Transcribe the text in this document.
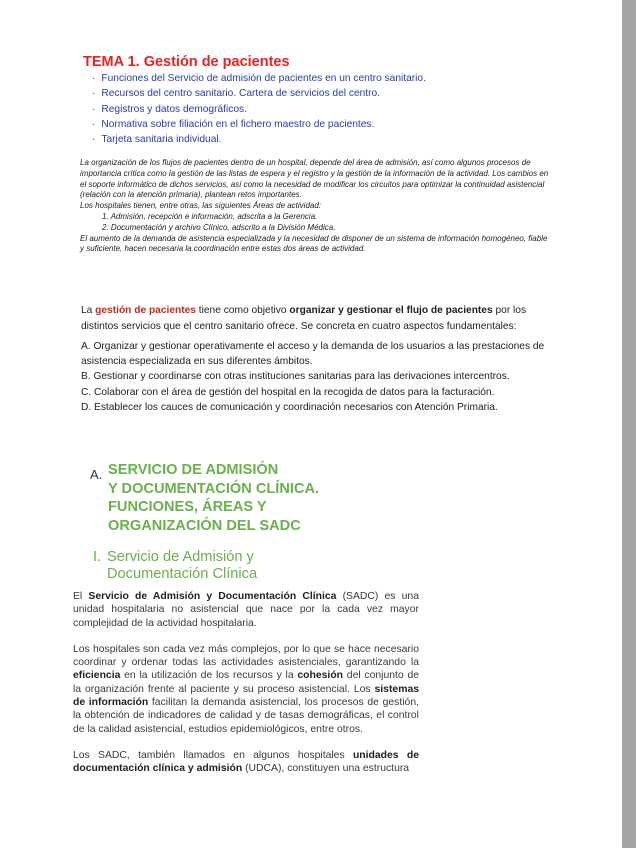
TEMA 1. Gestión de pacientes
· Funciones del Servicio de admisión de pacientes en un centro sanitario.
· Recursos del centro sanitario. Cartera de servicios del centro.
· Registros y datos demográficos.
· Normativa sobre filiación en el fichero maestro de pacientes.
· Tarjeta sanitaria individual.

La organización de los flujos de pacientes dentro de un hospital, depende del área de admisión, así como algunos procesos de importancia crítica como la gestión de las listas de espera y el registro y la gestión de la información de la actividad. Los cambios en el soporte informático de dichos servicios, así como la necesidad de modificar los circuitos para optimizar la continuidad asistencial (relación con la atención primaria), plantean retos importantes.

Los hospitales tienen, entre otras, las siguientes Áreas de actividad:

1. Admisión, recepción e información, adscrita a la Gerencia.

2. Documentación y archivo Clínico, adscrito a la División Médica.

El aumento de la demanda de asistencia especializada y la necesidad de disponer de un sistema de información homogéneo, fiable y suficiente, hacen necesaria la coordinación entre estas dos áreas de actividad.

La gestión de pacientes tiene como objetivo organizar y gestionar el flujo de pacientes por los distintos servicios que el centro sanitario ofrece. Se concreta en cuatro aspectos fundamentales:

A. Organizar y gestionar operativamente el acceso y la demanda de los usuarios a las prestaciones de asistencia especializada en sus diferentes ámbitos.

B. Gestionar y coordinarse con otras instituciones sanitarias para las derivaciones intercentros.

C. Colaborar con el área de gestión del hospital en la recogida de datos para la facturación.

D. Establecer los cauces de comunicación y coordinación necesarios con Atención Primaria.

A. SERVICIO DE ADMISIÓN
Y DOCUMENTACIÓN CLÍNICA.
FUNCIONES, ÁREAS Y
ORGANIZACIÓN DEL SADC
I. Servicio de Admisión y
Documentación Clínica

El Servicio de Admisión y Documentación Clínica (SADC) es una unidad hospitalaria no asistencial que nace por la cada vez mayor complejidad de la actividad hospitalaria.

Los hospitales son cada vez más complejos, por lo que se hace necesario coordinar y ordenar todas las actividades asistenciales, garantizando la eficiencia en la utilización de los recursos y la cohesión del conjunto de la organización frente al paciente y su proceso asistencial. Los sistemas de información facilitan la demanda asistencial, los procesos de gestión, la obtención de indicadores de calidad y de tasas demográficas, el control de la calidad asistencial, estudios epidemiológicos, entre otros.

Los SADC, también llamados en algunos hospitales unidades de documentación clínica y admisión (UDCA), constituyen una estructura
